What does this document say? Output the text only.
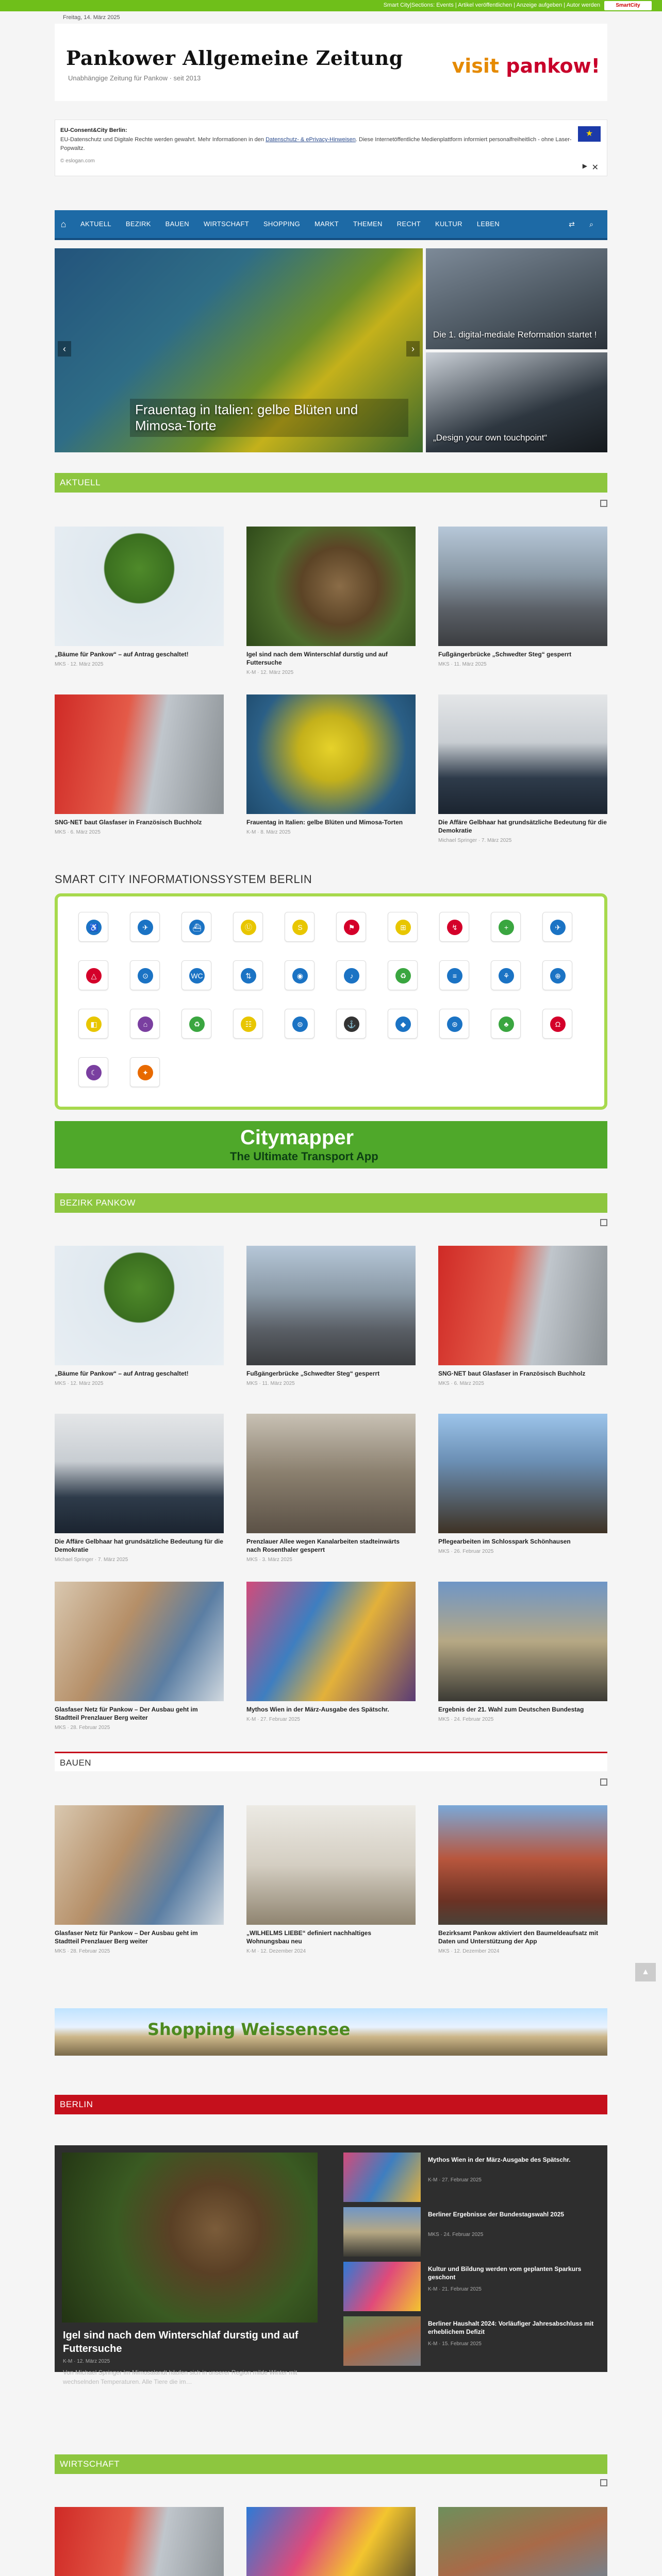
Smart City|Sections: Events | Artikel veröffentlichen | Anzeige aufgeben | Autor werden	SmartCity
Freitag, 14. März 2025
Pankower Allgemeine Zeitung
Unabhängige Zeitung für Pankow · seit 2013
visit pankow!
EU-Consent&City Berlin:
EU-Datenschutz und Digitale Rechte werden gewahrt. Mehr Informationen in den Datenschutz- & ePrivacy-Hinweisen. Diese Internetöffentliche Medienplattform informiert personalfreiheitlich - ohne Laser-Popwaltz.
© eslogan.com
★
▶ ✕
⌂	AKTUELL	BEZIRK	BAUEN	WIRTSCHAFT	SHOPPING	MARKT	THEMEN	RECHT	KULTUR	LEBEN	⇄	⌕
‹	›
Frauentag in Italien: gelbe Blüten und Mimosa-Torte
Die 1. digital-mediale Reformation startet !
„Design your own touchpoint“
AKTUELL
„Bäume für Pankow“ – auf Antrag geschaltet!
MKS · 12. März 2025
Igel sind nach dem Winterschlaf durstig und auf Futtersuche
K-M · 12. März 2025
Fußgängerbrücke „Schwedter Steg“ gesperrt
MKS · 11. März 2025
SNG·NET baut Glasfaser in Französisch Buchholz
MKS · 6. März 2025
Frauentag in Italien: gelbe Blüten und Mimosa-Torten
K-M · 8. März 2025
Die Affäre Gelbhaar hat grundsätzliche Bedeutung für die Demokratie
Michael Springer · 7. März 2025
SMART CITY INFORMATIONSSYSTEM BERLIN
♿	✈	⛴	Ⓤ	S	⚑	⊞	↯	+	✈
△	⊙	WC	⇅	◉	♪	♻	≡	⚘	⊕
◧	⌂	♻	☷	⊜	⚓	◆	⊛	♣	Ω
☾	✦
Citymapper
The Ultimate Transport App
BEZIRK PANKOW
„Bäume für Pankow“ – auf Antrag geschaltet!
MKS · 12. März 2025
Fußgängerbrücke „Schwedter Steg“ gesperrt
MKS · 11. März 2025
SNG·NET baut Glasfaser in Französisch Buchholz
MKS · 6. März 2025
Die Affäre Gelbhaar hat grundsätzliche Bedeutung für die Demokratie
Michael Springer · 7. März 2025
Prenzlauer Allee wegen Kanalarbeiten stadteinwärts nach Rosenthaler gesperrt
MKS · 3. März 2025
Pflegearbeiten im Schlosspark Schönhausen
MKS · 26. Februar 2025
Glasfaser Netz für Pankow – Der Ausbau geht im Stadtteil Prenzlauer Berg weiter
MKS · 28. Februar 2025
Mythos Wien in der März-Ausgabe des Spätschr.
K-M · 27. Februar 2025
Ergebnis der 21. Wahl zum Deutschen Bundestag
MKS · 24. Februar 2025
BAUEN
Glasfaser Netz für Pankow – Der Ausbau geht im Stadtteil Prenzlauer Berg weiter
MKS · 28. Februar 2025
„WILHELMS LIEBE“ definiert nachhaltiges Wohnungsbau neu
K-M · 12. Dezember 2024
Bezirksamt Pankow aktiviert den Baumeldeaufsatz mit Daten und Unterstützung der App
MKS · 12. Dezember 2024
▲
Shopping Weissensee
BERLIN
Igel sind nach dem Winterschlaf durstig und auf Futtersuche
K-M · 12. März 2025
Von Michael Springer Im Mimosalandt häufen sich in unserer Region milde Winter mit wechselnden Temperaturen. Alle Tiere die im…
Mythos Wien in der März-Ausgabe des Spätschr.
K-M · 27. Februar 2025
Berliner Ergebnisse der Bundestagswahl 2025
MKS · 24. Februar 2025
Kultur und Bildung werden vom geplanten Sparkurs geschont
K-M · 21. Februar 2025
Berliner Haushalt 2024: Vorläufiger Jahresabschluss mit erheblichem Defizit
K-M · 15. Februar 2025
WIRTSCHAFT
